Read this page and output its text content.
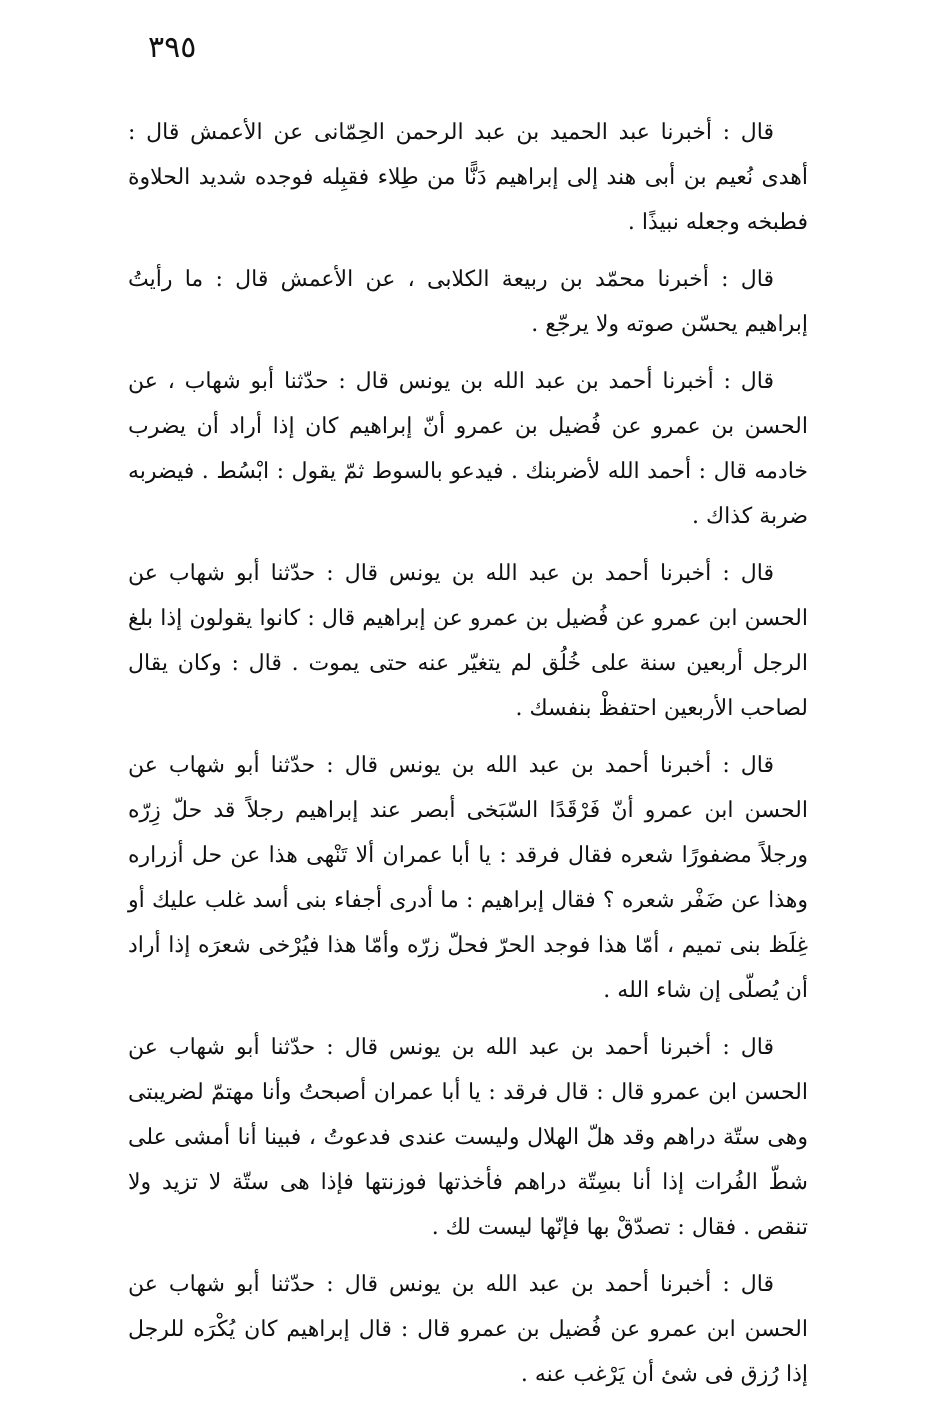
٣٩٥

قال : أخبرنا عبد الحميد بن عبد الرحمن الحِمّانى عن الأعمش قال : أهدى نُعيم بن أبى هند إلى إبراهيم دَنًّا من طِلاء فقبِله فوجده شديد الحلاوة فطبخه وجعله نبيذًا .

قال : أخبرنا محمّد بن ربيعة الكلابى ، عن الأعمش قال : ما رأيتُ إبراهيم يحسّن صوته ولا يرجّع .

قال : أخبرنا أحمد بن عبد الله بن يونس قال : حدّثنا أبو شهاب ، عن الحسن بن عمرو عن فُضيل بن عمرو أنّ إبراهيم كان إذا أراد أن يضرب خادمه قال : أحمد الله لأضربنك . فيدعو بالسوط ثمّ يقول : ابْسُط . فيضربه ضربة كذاك .

قال : أخبرنا أحمد بن عبد الله بن يونس قال : حدّثنا أبو شهاب عن الحسن ابن عمرو عن فُضيل بن عمرو عن إبراهيم قال : كانوا يقولون إذا بلغ الرجل أربعين سنة على خُلُق لم يتغيّر عنه حتى يموت . قال : وكان يقال لصاحب الأربعين احتفظْ بنفسك .

قال : أخبرنا أحمد بن عبد الله بن يونس قال : حدّثنا أبو شهاب عن الحسن ابن عمرو أنّ فَرْقَدًا السّبَخى أبصر عند إبراهيم رجلاً قد حلّ زِرّه ورجلاً مضفورًا شعره فقال فرقد : يا أبا عمران ألا تَنْهى هذا عن حل أزراره وهذا عن ضَفْر شعره ؟ فقال إبراهيم : ما أدرى أجفاء بنى أسد غلب عليك أو غِلَظ بنى تميم ، أمّا هذا فوجد الحرّ فحلّ زرّه وأمّا هذا فيُرْخى شعرَه إذا أراد أن يُصلّى إن شاء الله .

قال : أخبرنا أحمد بن عبد الله بن يونس قال : حدّثنا أبو شهاب عن الحسن ابن عمرو قال : قال فرقد : يا أبا عمران أصبحتُ وأنا مهتمّ لضريبتى وهى ستّة دراهم وقد هلّ الهلال وليست عندى فدعوتُ ، فبينا أنا أمشى على شطّ الفُرات إذا أنا بسِتّة دراهم فأخذتها فوزنتها فإذا هى ستّة لا تزيد ولا تنقص . فقال : تصدّقْ بها فإنّها ليست لك .

قال : أخبرنا أحمد بن عبد الله بن يونس قال : حدّثنا أبو شهاب عن الحسن ابن عمرو عن فُضيل بن عمرو قال : قال إبراهيم كان يُكْرَه للرجل إذا رُزق فى شئ أن يَرْغب عنه .
